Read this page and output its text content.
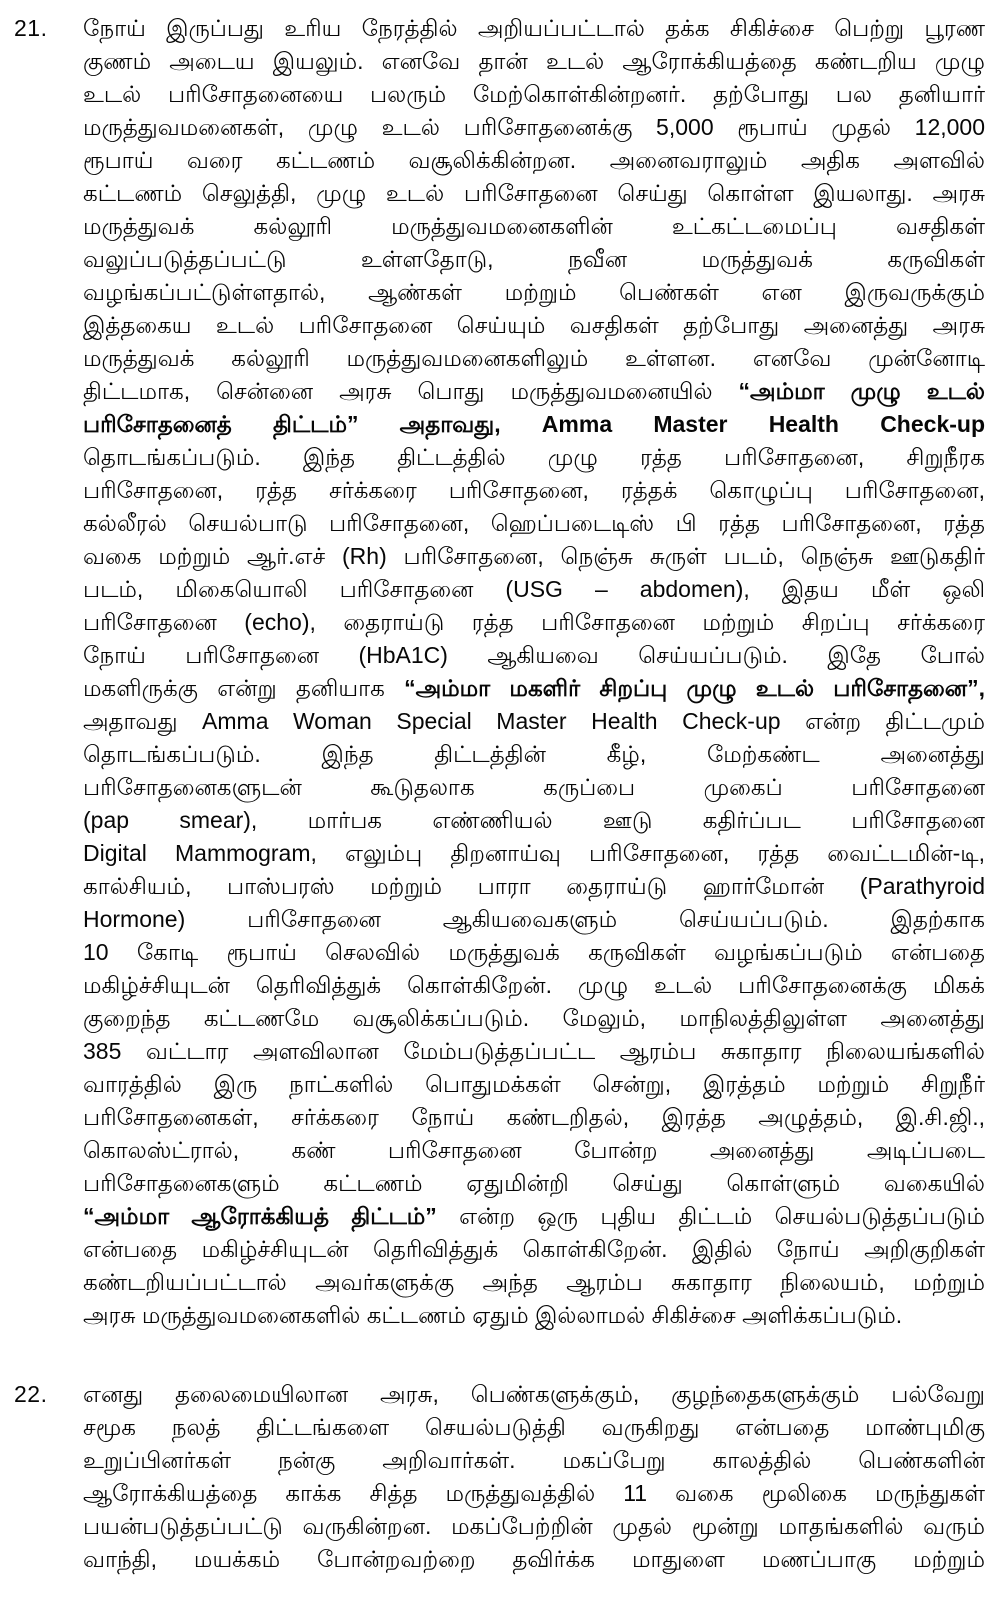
21.	நோய் இருப்பது உரிய நேரத்தில் அறியப்பட்டால் தக்க சிகிச்சை பெற்று பூரண
குணம் அடைய இயலும். எனவே தான் உடல் ஆரோக்கியத்தை கண்டறிய முழு
உடல் பரிசோதனையை பலரும் மேற்கொள்கின்றனர். தற்போது பல தனியார்
மருத்துவமனைகள், முழு உடல் பரிசோதனைக்கு 5,000 ரூபாய் முதல் 12,000
ரூபாய் வரை கட்டணம் வசூலிக்கின்றன. அனைவராலும் அதிக அளவில்
கட்டணம் செலுத்தி, முழு உடல் பரிசோதனை செய்து கொள்ள இயலாது. அரசு
மருத்துவக் கல்லூரி மருத்துவமனைகளின் உட்கட்டமைப்பு வசதிகள்
வலுப்படுத்தப்பட்டு உள்ளதோடு, நவீன மருத்துவக் கருவிகள்
வழங்கப்பட்டுள்ளதால், ஆண்கள் மற்றும் பெண்கள் என இருவருக்கும்
இத்தகைய உடல் பரிசோதனை செய்யும் வசதிகள் தற்போது அனைத்து அரசு
மருத்துவக் கல்லூரி மருத்துவமனைகளிலும் உள்ளன. எனவே முன்னோடி
திட்டமாக, சென்னை அரசு பொது மருத்துவமனையில் “அம்மா முழு உடல்
பரிசோதனைத் திட்டம்” அதாவது, Amma Master Health Check-up
தொடங்கப்படும். இந்த திட்டத்தில் முழு ரத்த பரிசோதனை, சிறுநீரக
பரிசோதனை, ரத்த சர்க்கரை பரிசோதனை, ரத்தக் கொழுப்பு பரிசோதனை,
கல்லீரல் செயல்பாடு பரிசோதனை, ஹெப்படைடிஸ் பி ரத்த பரிசோதனை, ரத்த
வகை மற்றும் ஆர்.எச் (Rh) பரிசோதனை, நெஞ்சு சுருள் படம், நெஞ்சு ஊடுகதிர்
படம், மிகையொலி பரிசோதனை (USG – abdomen), இதய மீள் ஒலி
பரிசோதனை (echo), தைராய்டு ரத்த பரிசோதனை மற்றும் சிறப்பு சர்க்கரை
நோய் பரிசோதனை (HbA1C) ஆகியவை செய்யப்படும். இதே போல்
மகளிருக்கு என்று தனியாக “அம்மா மகளிர் சிறப்பு முழு உடல் பரிசோதனை”,
அதாவது Amma Woman Special Master Health Check-up என்ற திட்டமும்
தொடங்கப்படும். இந்த திட்டத்தின் கீழ், மேற்கண்ட அனைத்து
பரிசோதனைகளுடன் கூடுதலாக கருப்பை முகைப் பரிசோதனை
(pap smear), மார்பக எண்ணியல் ஊடு கதிர்ப்பட பரிசோதனை
Digital Mammogram, எலும்பு திறனாய்வு பரிசோதனை, ரத்த வைட்டமின்-டி,
கால்சியம், பாஸ்பரஸ் மற்றும் பாரா தைராய்டு ஹார்மோன் (Parathyroid
Hormone) பரிசோதனை ஆகியவைகளும் செய்யப்படும். இதற்காக
10 கோடி ரூபாய் செலவில் மருத்துவக் கருவிகள் வழங்கப்படும் என்பதை
மகிழ்ச்சியுடன் தெரிவித்துக் கொள்கிறேன். முழு உடல் பரிசோதனைக்கு மிகக்
குறைந்த கட்டணமே வசூலிக்கப்படும். மேலும், மாநிலத்திலுள்ள அனைத்து
385 வட்டார அளவிலான மேம்படுத்தப்பட்ட ஆரம்ப சுகாதார நிலையங்களில்
வாரத்தில் இரு நாட்களில் பொதுமக்கள் சென்று, இரத்தம் மற்றும் சிறுநீர்
பரிசோதனைகள், சர்க்கரை நோய் கண்டறிதல், இரத்த அழுத்தம், இ.சி.ஜி.,
கொலஸ்ட்ரால், கண் பரிசோதனை போன்ற அனைத்து அடிப்படை
பரிசோதனைகளும் கட்டணம் ஏதுமின்றி செய்து கொள்ளும் வகையில்
“அம்மா ஆரோக்கியத் திட்டம்” என்ற ஒரு புதிய திட்டம் செயல்படுத்தப்படும்
என்பதை மகிழ்ச்சியுடன் தெரிவித்துக் கொள்கிறேன். இதில் நோய் அறிகுறிகள்
கண்டறியப்பட்டால் அவர்களுக்கு அந்த ஆரம்ப சுகாதார நிலையம், மற்றும்
அரசு மருத்துவமனைகளில் கட்டணம் ஏதும் இல்லாமல் சிகிச்சை அளிக்கப்படும்.
22.	எனது தலைமையிலான அரசு, பெண்களுக்கும், குழந்தைகளுக்கும் பல்வேறு
சமூக நலத் திட்டங்களை செயல்படுத்தி வருகிறது என்பதை மாண்புமிகு
உறுப்பினர்கள் நன்கு அறிவார்கள். மகப்பேறு காலத்தில் பெண்களின்
ஆரோக்கியத்தை காக்க சித்த மருத்துவத்தில் 11 வகை மூலிகை மருந்துகள்
பயன்படுத்தப்பட்டு வருகின்றன. மகப்பேற்றின் முதல் மூன்று மாதங்களில் வரும்
வாந்தி, மயக்கம் போன்றவற்றை தவிர்க்க மாதுளை மணப்பாகு மற்றும்
